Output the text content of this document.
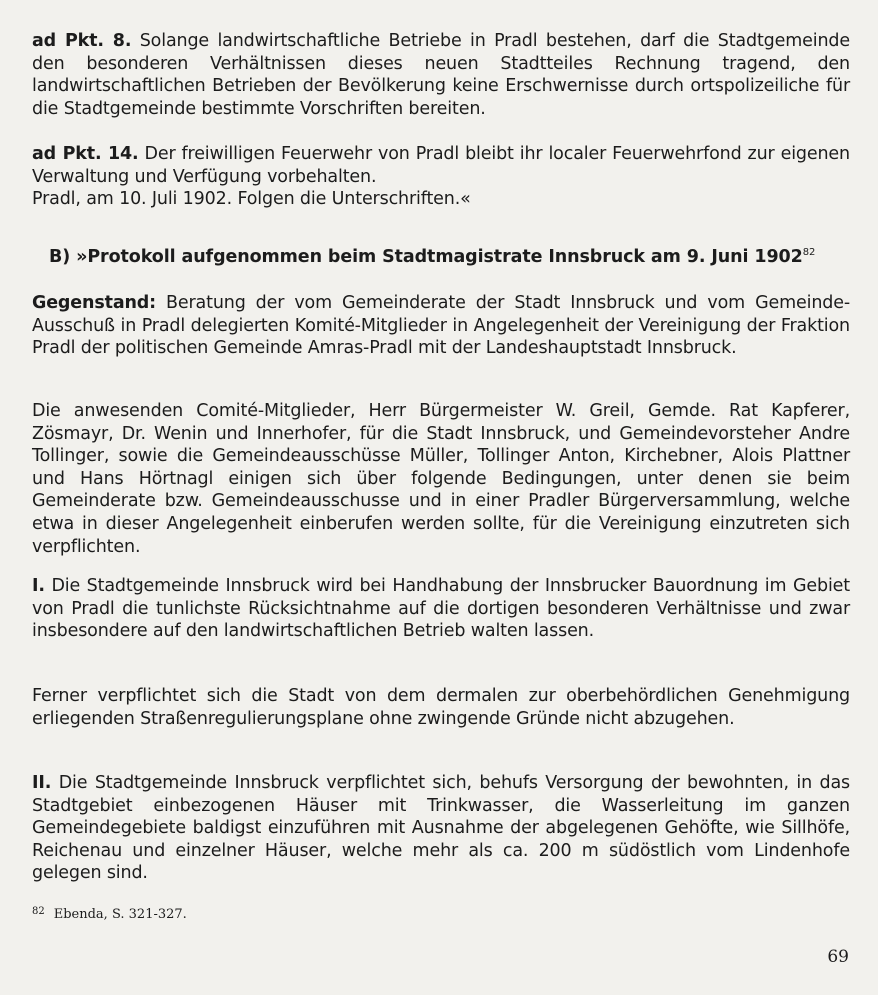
ad Pkt. 8. Solange landwirtschaftliche Betriebe in Pradl bestehen, darf die Stadtgemeinde den besonderen Verhältnissen dieses neuen Stadtteiles Rechnung tragend, den landwirtschaftlichen Betrieben der Bevölkerung keine Erschwernisse durch ortspolizeiliche für die Stadtgemeinde bestimmte Vorschriften bereiten.

ad Pkt. 14. Der freiwilligen Feuerwehr von Pradl bleibt ihr localer Feuerwehrfond zur eigenen Verwaltung und Verfügung vorbehalten.
Pradl, am 10. Juli 1902. Folgen die Unterschriften.«

B) »Protokoll aufgenommen beim Stadtmagistrate Innsbruck am 9. Juni 1902$^{82}$

Gegenstand: Beratung der vom Gemeinderate der Stadt Innsbruck und vom Gemeinde-Ausschuß in Pradl delegierten Komité-Mitglieder in Angelegenheit der Vereinigung der Fraktion Pradl der politischen Gemeinde Amras-Pradl mit der Landeshauptstadt Innsbruck.

Die anwesenden Comité-Mitglieder, Herr Bürgermeister W. Greil, Gemde. Rat Kapferer, Zösmayr, Dr. Wenin und Innerhofer, für die Stadt Innsbruck, und Gemeindevorsteher Andre Tollinger, sowie die Gemeindeausschüsse Müller, Tollinger Anton, Kirchebner, Alois Plattner und Hans Hörtnagl einigen sich über folgende Bedingungen, unter denen sie beim Gemeinderate bzw. Gemeindeausschusse und in einer Pradler Bürgerversammlung, welche etwa in dieser Angelegenheit einberufen werden sollte, für die Vereinigung einzutreten sich verpflichten.

I. Die Stadtgemeinde Innsbruck wird bei Handhabung der Innsbrucker Bauordnung im Gebiet von Pradl die tunlichste Rücksichtnahme auf die dortigen besonderen Verhältnisse und zwar insbesondere auf den landwirtschaftlichen Betrieb walten lassen.

Ferner verpflichtet sich die Stadt von dem dermalen zur oberbehördlichen Genehmigung erliegenden Straßenregulierungsplane ohne zwingende Gründe nicht abzugehen.

II. Die Stadtgemeinde Innsbruck verpflichtet sich, behufs Versorgung der bewohnten, in das Stadtgebiet einbezogenen Häuser mit Trinkwasser, die Wasserleitung im ganzen Gemeindegebiete baldigst einzuführen mit Ausnahme der abgelegenen Gehöfte, wie Sillhöfe, Reichenau und einzelner Häuser, welche mehr als ca. 200 m südöstlich vom Lindenhofe gelegen sind.

$^{82}$ Ebenda, S. 321-327.

69
